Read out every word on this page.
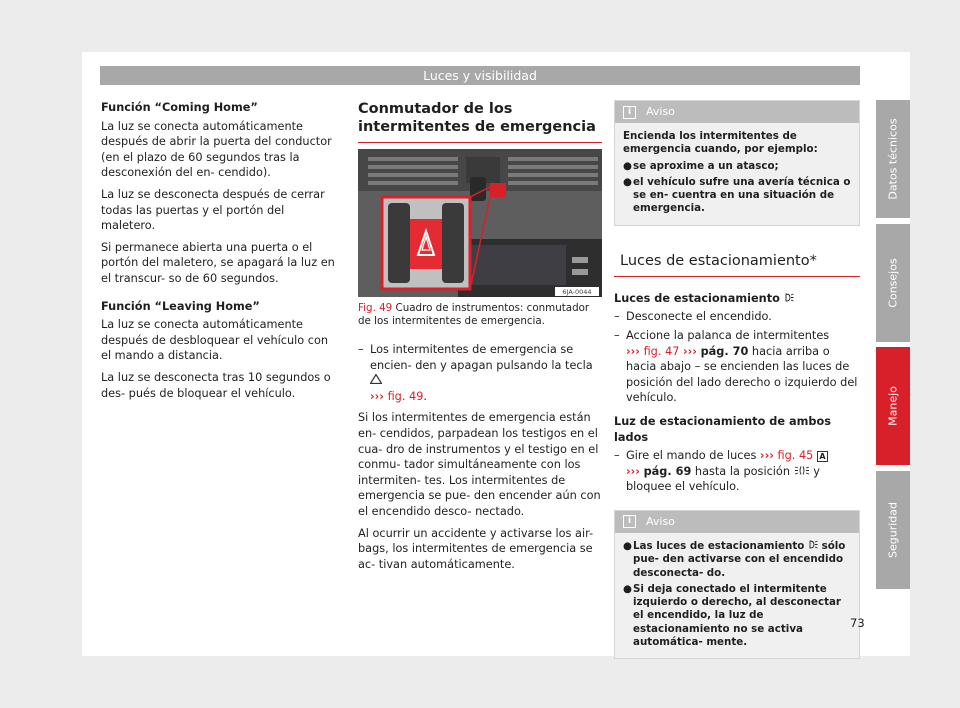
Luces y visibilidad

Función “Coming Home”

La luz se conecta automáticamente después de abrir la puerta del conductor (en el plazo de 60 segundos tras la desconexión del en- cendido).

La luz se desconecta después de cerrar todas las puertas y el portón del maletero.

Si permanece abierta una puerta o el portón del maletero, se apagará la luz en el transcur- so de 60 segundos.

Función “Leaving Home”

La luz se conecta automáticamente después de desbloquear el vehículo con el mando a distancia.

La luz se desconecta tras 10 segundos o des- pués de bloquear el vehículo.

Conmutador de los intermitentes de emergencia
6JA-0044
Fig. 49 Cuadro de instrumentos: conmutador de los intermitentes de emergencia.
– Los intermitentes de emergencia se encien- den y apagan pulsando la tecla
››› fig. 49.

Si los intermitentes de emergencia están en- cendidos, parpadean los testigos en el cua- dro de instrumentos y el testigo en el conmu- tador simultáneamente con los intermiten- tes. Los intermitentes de emergencia se pue- den encender aún con el encendido desco- nectado.

Al ocurrir un accidente y activarse los air- bags, los intermitentes de emergencia se ac- tivan automáticamente.

i	Aviso

Encienda los intermitentes de emergencia cuando, por ejemplo:

● se aproxime a un atasco;
● el vehículo sufre una avería técnica o se en- cuentra en una situación de emergencia.
Luces de estacionamiento*

Luces de estacionamiento

– Desconecte el encendido.
– Accione la palanca de intermitentes
››› fig. 47 ››› pág. 70 hacia arriba o hacia abajo – se encienden las luces de posición del lado derecho o izquierdo del vehículo.

Luz de estacionamiento de ambos lados

– Gire el mando de luces ››› fig. 45 A
››› pág. 69 hasta la posición y bloquee el vehículo.
i	Aviso
● Las luces de estacionamiento sólo pue- den activarse con el encendido desconecta- do.
● Si deja conectado el intermitente izquierdo o derecho, al desconectar el encendido, la luz de estacionamiento no se activa automática- mente.
Datos técnicos
Consejos
Manejo
Seguridad
73
